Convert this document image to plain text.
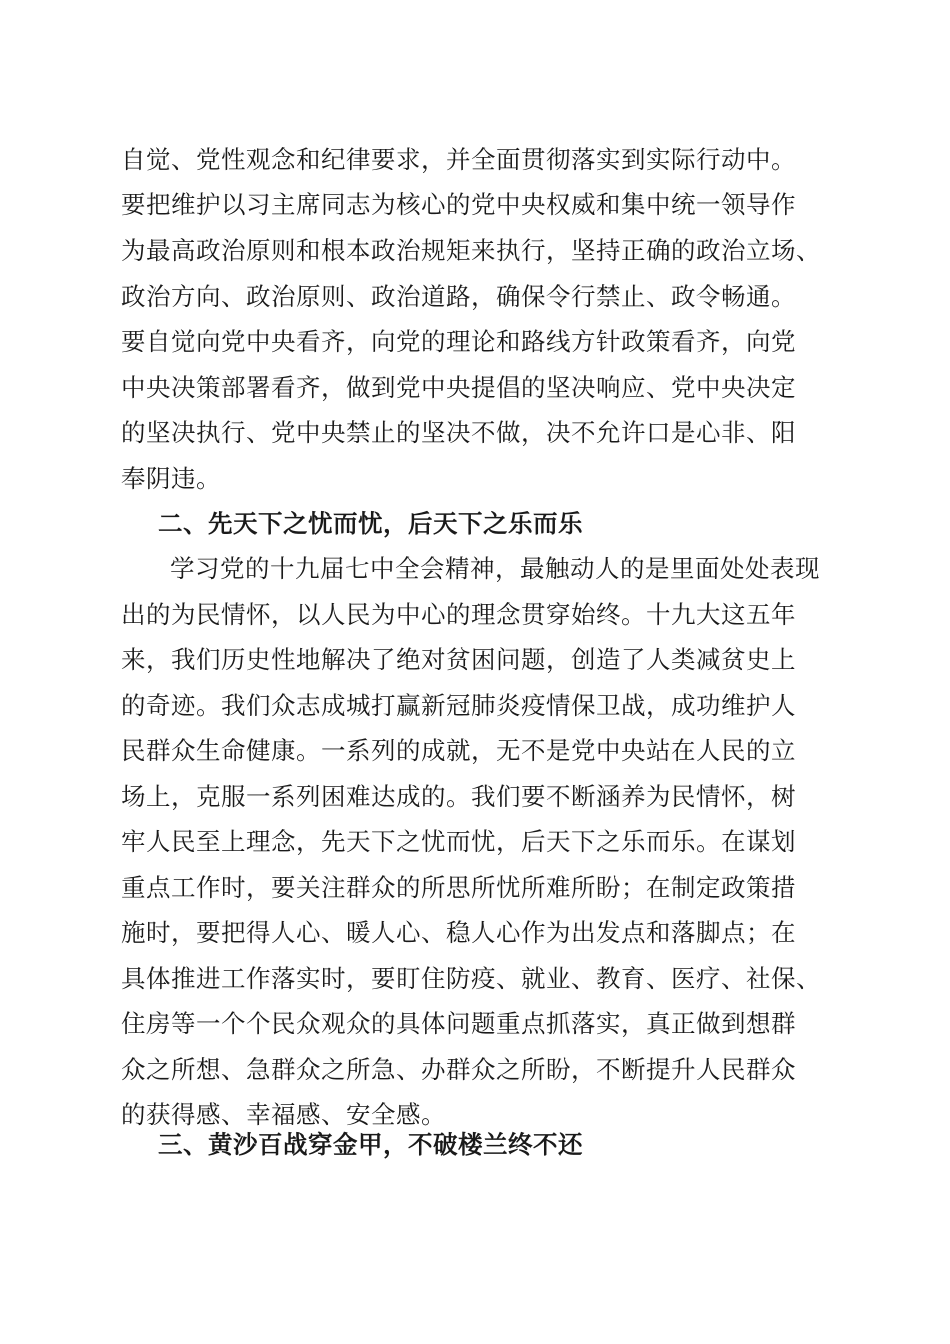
自觉、党性观念和纪律要求，并全面贯彻落实到实际行动中。
要把维护以习主席同志为核心的党中央权威和集中统一领导作
为最高政治原则和根本政治规矩来执行，坚持正确的政治立场、
政治方向、政治原则、政治道路，确保令行禁止、政令畅通。
要自觉向党中央看齐，向党的理论和路线方针政策看齐，向党
中央决策部署看齐，做到党中央提倡的坚决响应、党中央决定
的坚决执行、党中央禁止的坚决不做，决不允许口是心非、阳
奉阴违。
二、先天下之忧而忧，后天下之乐而乐
学习党的十九届七中全会精神，最触动人的是里面处处表现
出的为民情怀，以人民为中心的理念贯穿始终。十九大这五年
来，我们历史性地解决了绝对贫困问题，创造了人类减贫史上
的奇迹。我们众志成城打赢新冠肺炎疫情保卫战，成功维护人
民群众生命健康。一系列的成就，无不是党中央站在人民的立
场上，克服一系列困难达成的。我们要不断涵养为民情怀，树
牢人民至上理念，先天下之忧而忧，后天下之乐而乐。在谋划
重点工作时，要关注群众的所思所忧所难所盼；在制定政策措
施时，要把得人心、暖人心、稳人心作为出发点和落脚点；在
具体推进工作落实时，要盯住防疫、就业、教育、医疗、社保、
住房等一个个民众观众的具体问题重点抓落实，真正做到想群
众之所想、急群众之所急、办群众之所盼，不断提升人民群众
的获得感、幸福感、安全感。
三、黄沙百战穿金甲，不破楼兰终不还
